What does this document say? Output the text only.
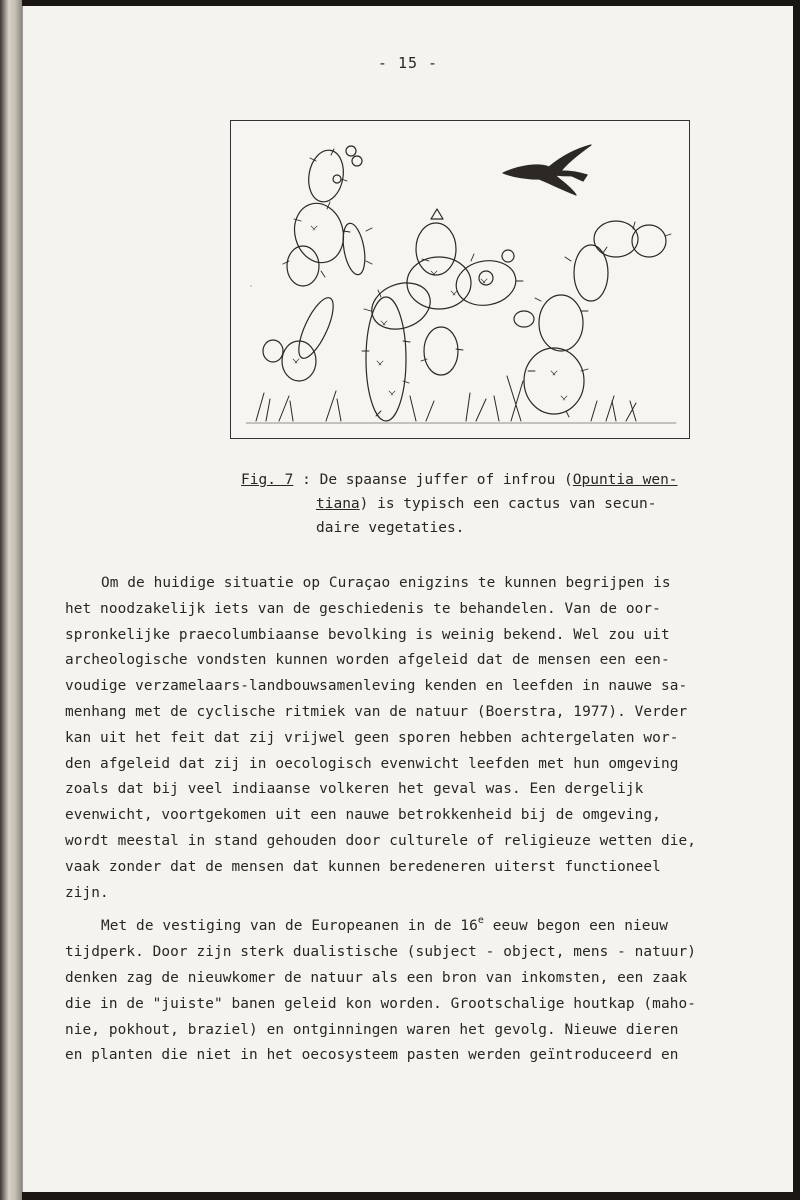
- 15 -
Fig. 7 : De spaanse juffer of infrou (Opuntia wen-
tiana) is typisch een cactus van secun-
daire vegetaties.
Om de huidige situatie op Curaçao enigzins te kunnen begrijpen is
het noodzakelijk iets van de geschiedenis te behandelen. Van de oor-
spronkelijke praecolumbiaanse bevolking is weinig bekend. Wel zou uit
archeologische vondsten kunnen worden afgeleid dat de mensen een een-
voudige verzamelaars-landbouwsamenleving kenden en leefden in nauwe sa-
menhang met de cyclische ritmiek van de natuur (Boerstra, 1977). Verder
kan uit het feit dat zij vrijwel geen sporen hebben achtergelaten wor-
den afgeleid dat zij in oecologisch evenwicht leefden met hun omgeving
zoals dat bij veel indiaanse volkeren het geval was. Een dergelijk
evenwicht, voortgekomen uit een nauwe betrokkenheid bij de omgeving,
wordt meestal in stand gehouden door culturele of religieuze wetten die,
vaak zonder dat de mensen dat kunnen beredeneren uiterst functioneel
zijn.
Met de vestiging van de Europeanen in de 16e eeuw begon een nieuw
tijdperk. Door zijn sterk dualistische (subject - object, mens - natuur)
denken zag de nieuwkomer de natuur als een bron van inkomsten, een zaak
die in de "juiste" banen geleid kon worden. Grootschalige houtkap (maho-
nie, pokhout, braziel) en ontginningen waren het gevolg. Nieuwe dieren
en planten die niet in het oecosysteem pasten werden geïntroduceerd en
